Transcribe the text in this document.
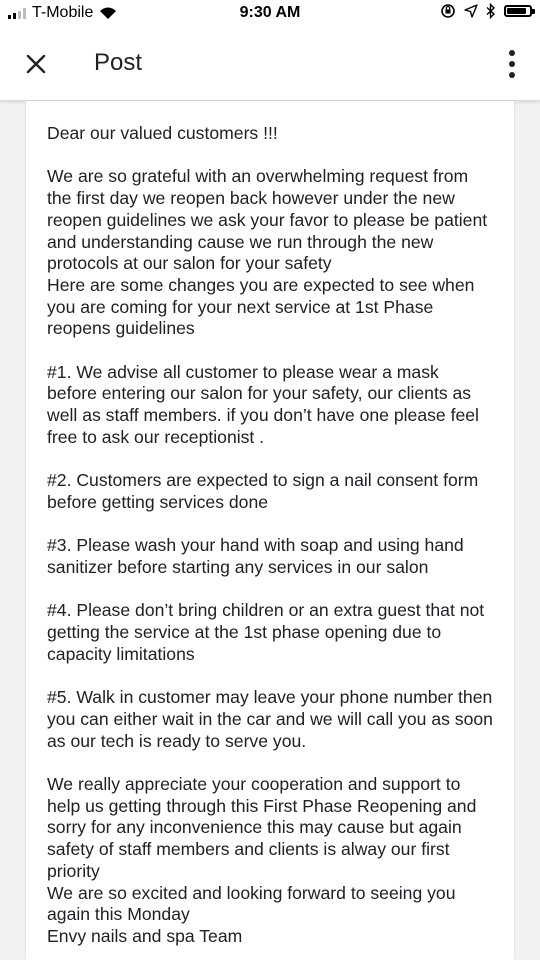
T-Mobile	9:30 AM
Post

Dear our valued customers !!!

We are so grateful with an overwhelming request from the first day we reopen back however under the new reopen guidelines we ask your favor to please be patient and understanding cause we run through the new protocols at our salon for your safety
Here are some changes you are expected to see when you are coming for your next service at 1st Phase reopens guidelines

#1. We advise all customer to please wear a mask before entering our salon for your safety, our clients as well as staff members. if you don’t have one please feel free to ask our receptionist .

#2. Customers are expected to sign a nail consent form before getting services done

#3. Please wash your hand with soap and using hand sanitizer before starting any services in our salon

#4. Please don’t bring children or an extra guest that not getting the service at the 1st phase opening due to capacity limitations

#5. Walk in customer may leave your phone number then you can either wait in the car and we will call you as soon as our tech is ready to serve you.

We really appreciate your cooperation and support to help us getting through this First Phase Reopening and sorry for any inconvenience this may cause but again safety of staff members and clients is alway our first priority
We are so excited and looking forward to seeing you again this Monday
Envy nails and spa Team
